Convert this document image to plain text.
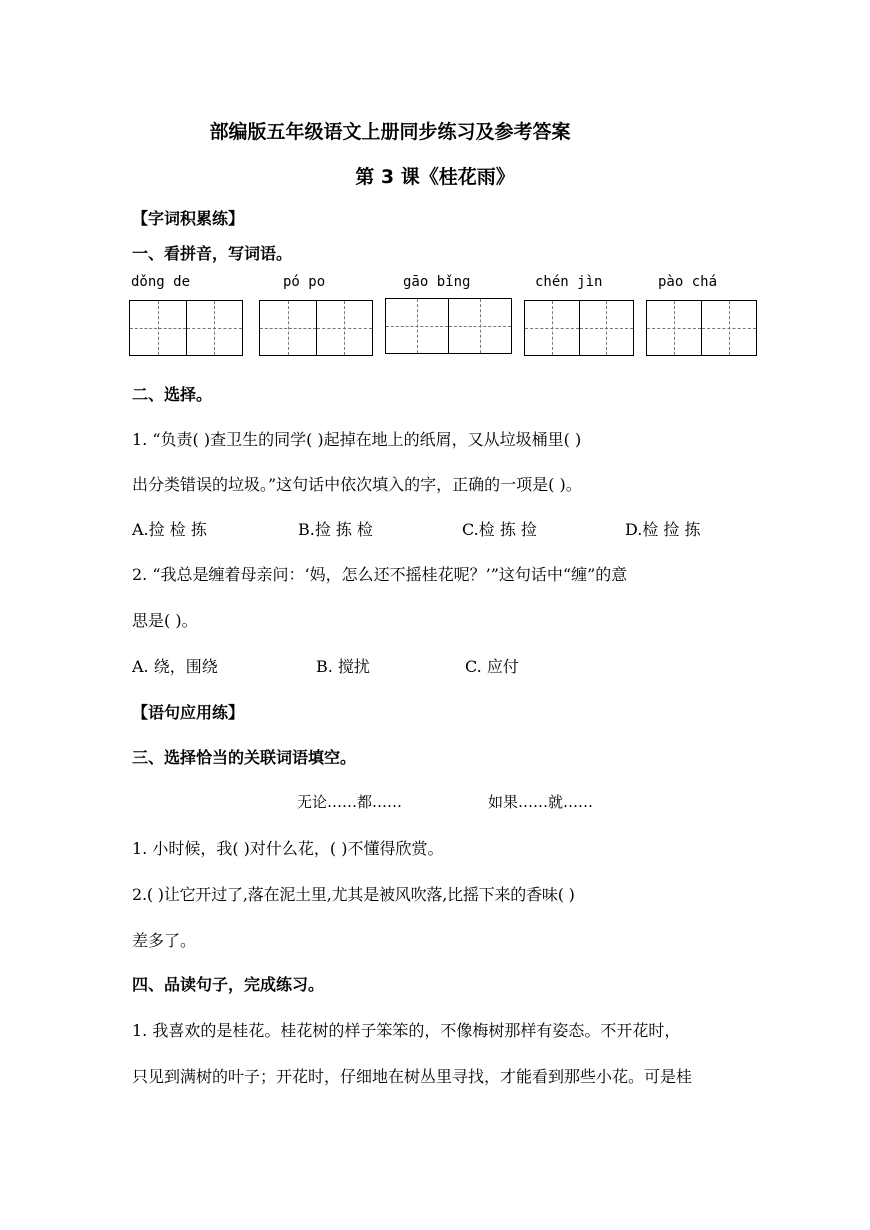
部编版五年级语文上册同步练习及参考答案
第 3 课《桂花雨》
【字词积累练】
一、看拼音，写词语。
dǒng de	pó po	gāo bǐng	chén jìn	pào chá
二、选择。
1. “负责( )查卫生的同学( )起掉在地上的纸屑，又从垃圾桶里( )
出分类错误的垃圾。”这句话中依次填入的字，正确的一项是( )。
A.捡 检 拣	B.捡 拣 检	C.检 拣 捡	D.检 捡 拣
2. “我总是缠着母亲问：‘妈，怎么还不摇桂花呢？’”这句话中“缠”的意
思是( )。
A. 绕，围绕	B. 搅扰	C. 应付
【语句应用练】
三、选择恰当的关联词语填空。
无论……都……	如果……就……
1. 小时候，我( )对什么花，( )不懂得欣赏。
2.( )让它开过了,落在泥土里,尤其是被风吹落,比摇下来的香味( )
差多了。
四、品读句子，完成练习。
1. 我喜欢的是桂花。桂花树的样子笨笨的，不像梅树那样有姿态。不开花时，
只见到满树的叶子；开花时，仔细地在树丛里寻找，才能看到那些小花。可是桂
